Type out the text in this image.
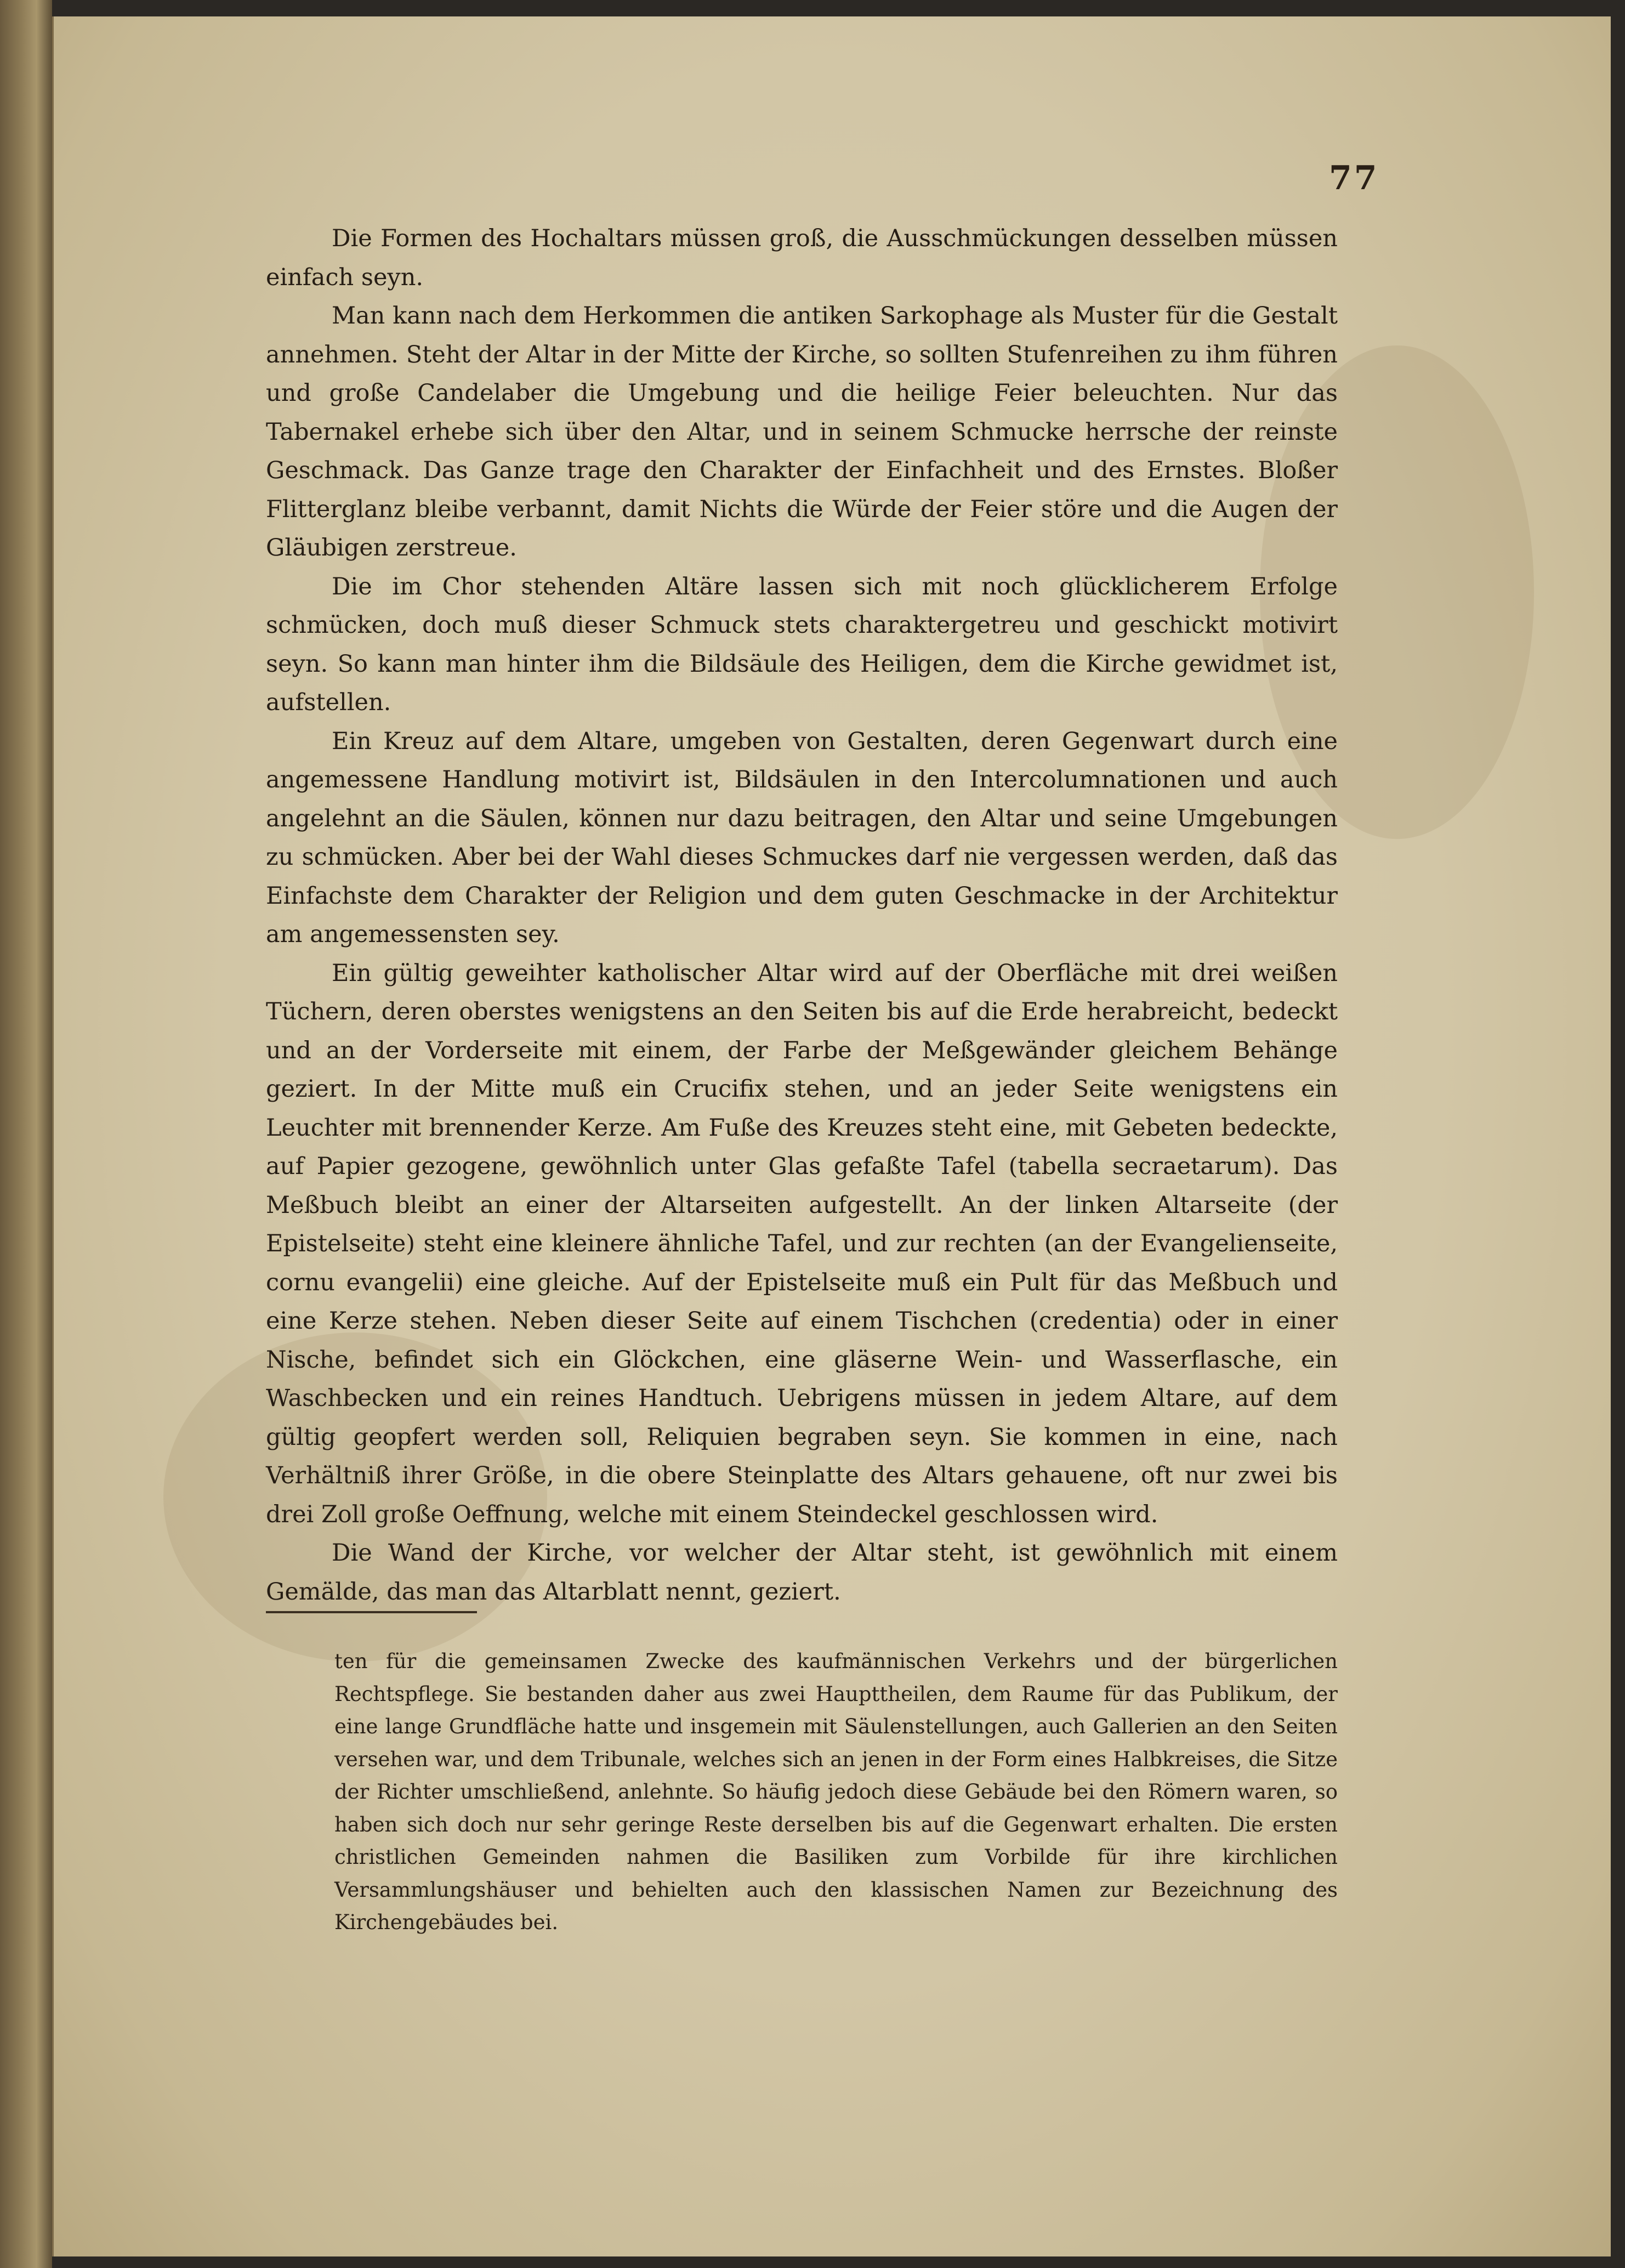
77

Die Formen des Hochaltars müssen groß, die Ausschmückungen desselben müssen einfach seyn.

Man kann nach dem Herkommen die antiken Sarkophage als Muster für die Gestalt annehmen. Steht der Altar in der Mitte der Kirche, so sollten Stufenreihen zu ihm führen und große Candelaber die Umgebung und die heilige Feier beleuchten. Nur das Tabernakel erhebe sich über den Altar, und in seinem Schmucke herrsche der reinste Geschmack. Das Ganze trage den Charakter der Einfachheit und des Ernstes. Bloßer Flitterglanz bleibe verbannt, damit Nichts die Würde der Feier störe und die Augen der Gläubigen zerstreue.

Die im Chor stehenden Altäre lassen sich mit noch glücklicherem Erfolge schmücken, doch muß dieser Schmuck stets charaktergetreu und geschickt motivirt seyn. So kann man hinter ihm die Bildsäule des Heiligen, dem die Kirche gewidmet ist, aufstellen.

Ein Kreuz auf dem Altare, umgeben von Gestalten, deren Gegenwart durch eine angemessene Handlung motivirt ist, Bildsäulen in den Intercolumnationen und auch angelehnt an die Säulen, können nur dazu beitragen, den Altar und seine Umgebungen zu schmücken. Aber bei der Wahl dieses Schmuckes darf nie vergessen werden, daß das Einfachste dem Charakter der Religion und dem guten Geschmacke in der Architektur am angemessensten sey.

Ein gültig geweihter katholischer Altar wird auf der Oberfläche mit drei weißen Tüchern, deren oberstes wenigstens an den Seiten bis auf die Erde herabreicht, bedeckt und an der Vorderseite mit einem, der Farbe der Meßgewänder gleichem Behänge geziert. In der Mitte muß ein Crucifix stehen, und an jeder Seite wenigstens ein Leuchter mit brennender Kerze. Am Fuße des Kreuzes steht eine, mit Gebeten bedeckte, auf Papier gezogene, gewöhnlich unter Glas gefaßte Tafel (tabella secraetarum). Das Meßbuch bleibt an einer der Altarseiten aufgestellt. An der linken Altarseite (der Epistelseite) steht eine kleinere ähnliche Tafel, und zur rechten (an der Evangelienseite, cornu evangelii) eine gleiche. Auf der Epistelseite muß ein Pult für das Meßbuch und eine Kerze stehen. Neben dieser Seite auf einem Tischchen (credentia) oder in einer Nische, befindet sich ein Glöckchen, eine gläserne Wein- und Wasserflasche, ein Waschbecken und ein reines Handtuch. Uebrigens müssen in jedem Altare, auf dem gültig geopfert werden soll, Reliquien begraben seyn. Sie kommen in eine, nach Verhältniß ihrer Größe, in die obere Steinplatte des Altars gehauene, oft nur zwei bis drei Zoll große Oeffnung, welche mit einem Steindeckel geschlossen wird.

Die Wand der Kirche, vor welcher der Altar steht, ist gewöhnlich mit einem Gemälde, das man das Altarblatt nennt, geziert.

ten für die gemeinsamen Zwecke des kaufmännischen Verkehrs und der bürgerlichen Rechtspflege. Sie bestanden daher aus zwei Haupttheilen, dem Raume für das Publikum, der eine lange Grundfläche hatte und insgemein mit Säulenstellungen, auch Gallerien an den Seiten versehen war, und dem Tribunale, welches sich an jenen in der Form eines Halbkreises, die Sitze der Richter umschließend, anlehnte. So häufig jedoch diese Gebäude bei den Römern waren, so haben sich doch nur sehr geringe Reste derselben bis auf die Gegenwart erhalten. Die ersten christlichen Gemeinden nahmen die Basiliken zum Vorbilde für ihre kirchlichen Versammlungshäuser und behielten auch den klassischen Namen zur Bezeichnung des Kirchengebäudes bei.
